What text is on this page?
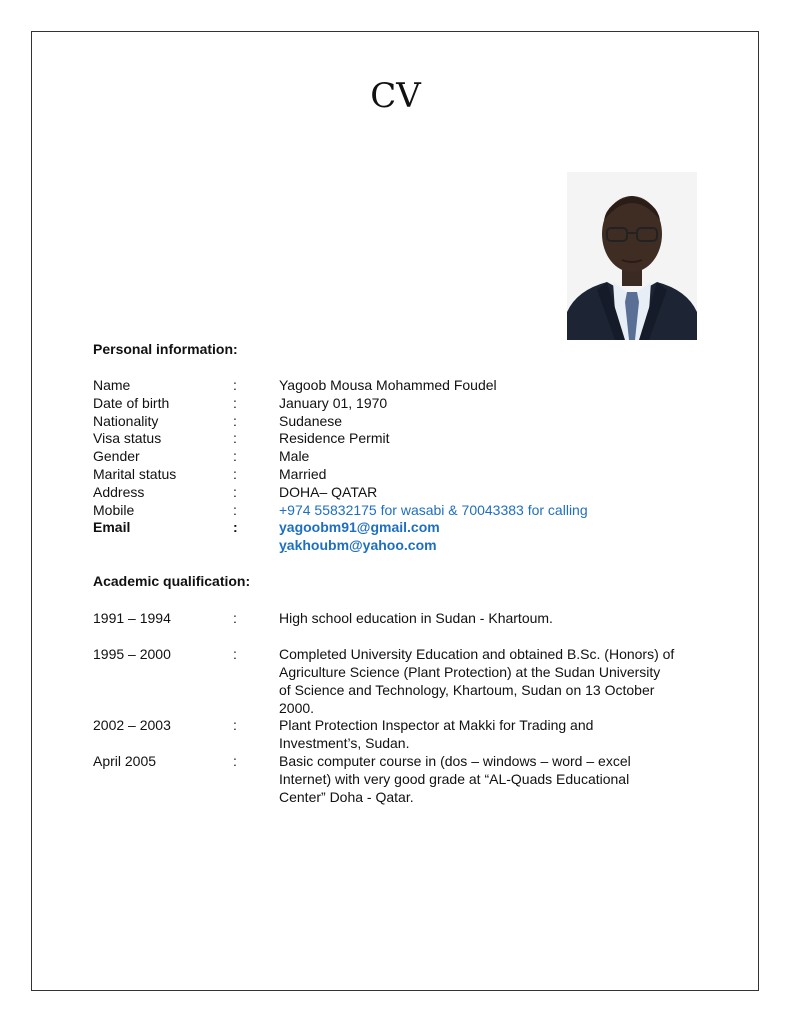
CV
Personal information:
Name	:	Yagoob Mousa Mohammed Foudel
Date of birth	:	January 01, 1970
Nationality	:	Sudanese
Visa status	:	Residence Permit
Gender	:	Male
Marital status	:	Married
Address	:	DOHA– QATAR
Mobile	:	+974 55832175 for wasabi & 70043383 for calling
Email	:	yagoobm91@gmail.com
yakhoubm@yahoo.com
Academic qualification:
1991 – 1994	:	High school education in Sudan - Khartoum.
1995 – 2000	:	Completed University Education and obtained B.Sc. (Honors) of Agriculture Science (Plant Protection) at the Sudan University of Science and Technology, Khartoum, Sudan on 13 October 2000.
2002 – 2003	:	Plant Protection Inspector at Makki for Trading and Investment’s, Sudan.
April 2005	:	Basic computer course in (dos – windows – word – excel Internet) with very good grade at “AL-Quads Educational Center” Doha - Qatar.
